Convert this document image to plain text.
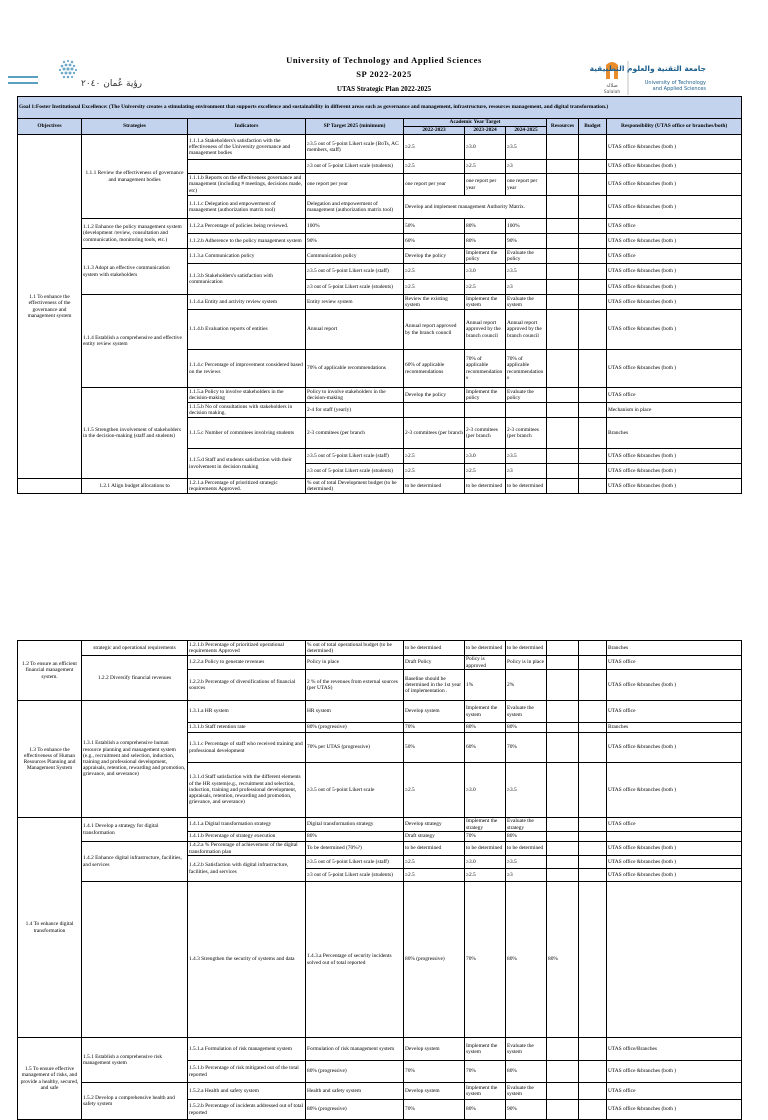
رؤية عُمان ٢٠٤٠	صلالة
Salalah
جامعة التقنية والعلوم التطبيقية
University of Technology
and Applied Sciences
University of Technology and Applied Sciences
SP 2022-2025
UTAS Strategic Plan 2022-2025
Goal 1:Foster Institutional Excellence: (The University creates a stimulating environment that supports excellence and sustainability in different areas such as governance and management, infrastructure, resources management, and digital transformation.)									
Objectives	Strategies	Indicators	SP Target 2025 (minimum)	Academic Year Target			Resources	Budget	Responsibility (UTAS office or branches/both)
				2022-2023	2023-2024	2024-2025			
1.1 To enhance the effectiveness of the governance and management system	1.1.1 Review the effectiveness of governance and management bodies	1.1.1.a Stakeholders's satisfaction with the effectiveness of the University governance and management bodies	≥3.5 out of 5-point Likert scale (BoTs, AC members, staff)	≥2.5	≥3.0	≥3.5			UTAS office &branches (both )
			≥3 out of 5-point Likert scale (students)	≥2.5	≥2.5	≥3			UTAS office &branches (both )
		1.1.1.b Reports on the effectiveness governance and management (including # meetings, decisions made, etc)	one report per year	one report per year	one report per year	one report per year			UTAS office &branches (both )
		1.1.1.c Delegation and empowerment of management (authorization matrix tool)	Delegation and empowerment of management (authorization matrix tool)	Develop and implement management Authority Matrix.					UTAS office &branches (both )
	1.1.2 Enhance the policy management system (development /review, consultation and communication, monitoring tools, etc.)	1.1.2.a Percentage of policies being reviewed.	100%	50%	80%	100%			UTAS office
		1.1.2.b Adherence to the policy management system	90%	60%	80%	90%			UTAS office &branches (both )
	1.1.3 Adopt an effective communication system with stakeholders	1.1.3.a Communication policy	Communication policy	Develop the policy	Implement the policy	Evaluate the policy			UTAS office
		1.1.3.b Stakeholders's satisfaction with communication	≥3.5 out of 5-point Likert scale (staff)	≥2.5	≥3.0	≥3.5			UTAS office &branches (both )
			≥3 out of 5-point Likert scale (students)	≥2.5	≥2.5	≥3			UTAS office &branches (both )
	1.1.4 Establish a comprehensive and effective entity review system	1.1.4.a Entity and activity review system	Entity review system	Review the existing system	Implement the system	Evaluate the system			UTAS office &branches (both )
		1.1.4.b Evaluation reports of entities	Annual report	Annual report approved by the branch council	Annual report approved by the branch council	Annual report approved by the branch council			UTAS office &branches (both )
		1.1.4.c Percentage of improvement considered based on the reviews	70% of applicable recommendations	60% of applicable recommendations	70% of applicable recommendations	70% of applicable recommendations			UTAS office &branches (both )
	1.1.5 Strengthen involvement of stakeholders in the decision-making (staff and students)	1.1.5.a Policy to involve stakeholders in the decision-making	Policy to involve stakeholders in the decision-making	Develop the policy	Implement the policy	Evaluate the policy			UTAS office
		1.1.5.b No of consultations with stakeholders in decision making.	2-4 for staff (yearly)						Mechanism in place
		1.1.5.c Number of commitees involving students	2-3 commitees (per branch	2-3 commitees (per branch	2-3 commitees (per branch	2-3 commitees (per branch			Branches
		1.1.5.d Staff and students satisfaction with their involvement in decision making	≥3.5 out of 5-point Likert scale (staff)	≥2.5	≥3.0	≥3.5			UTAS office &branches (both )
			≥3 out of 5-point Likert scale (students)	≥2.5	≥2.5	≥3			UTAS office &branches (both )
	1.2.1 Align budget allocations to	1.2.1.a Percentage of prioritized strategic requirements Approved.	% out of total Development budget (to be determined)	to be determined	to be determined	to be determined			UTAS office &branches (both )
1.2 To ensure an efficient financial management system.	strategic and operational requirements	1.2.1.b Percentage of prioritized operational requirements Approved	% out of total operational budget (to be determined)	to be determined	to be determined	to be determined			Branches	
	1.2.2 Diversify financial revenues	1.2.2.a Policy to generate revenues	Policy in place	Draft Policy	Policy is approved	Policy is in place			UTAS office	
		1.2.2.b Percentage of diversifications of financial sources	2 % of the revenues from external sources (per UTAS)	Baseline should be determined in the 1st year of implementation .	1%	2%			UTAS office &branches (both )	
1.3 To enhance the effectiveness of Human Resources Planning and Management System	1.3.1 Establish a comprehensive human resource planning and management system (e.g., recruitment and selection, induction, training and professional development, appraisals, retention, rewarding and promotion, grievance, and severance)	1.3.1.a HR system	HR system	Develop system	Implement the system	Evaluate the system			UTAS office	
		1.3.1.b Staff retention rate	80% (progressive)	70%	80%	80%			Branches	
		1.3.1.c Percentage of staff who received training and professional development	70% per UTAS (progressive)	50%	60%	70%			UTAS office &branches (both )	
		1.3.1.d Staff satisfaction with the different elements of the HR system(e.g., recruitment and selection, induction, training and professional development, appraisals, retention, rewarding and promotion, grievance, and severance)	≥3.5 out of 5-point Likert scale	≥2.5	≥3.0	≥3.5			UTAS office &branches (both )	
1.4 To enhance digital transformation	1.4.1 Develop a strategy for digital transformation	1.4.1.a Digital transformation strategy	Digital transformation strategy	Develop strategy	Implement the strategy	Evaluate the strategy			UTAS office	
		1.4.1.b Percentage of strategy execution	80%	Draft strategy	70%	80%				
	1.4.2 Enhance digital infrastructure, facilities, and services	1.4.2.a % Percentage of achievement of the digital transformation plan	To be determined (70%?)	to be determined	to be determined	to be determined			UTAS office &branches (both )	
		1.4.2.b Satisfaction with digital infrastructure, facilities, and services	≥3.5 out of 5-point Likert scale (staff)	≥2.5	≥3.0	≥3.5			UTAS office &branches (both )	
			≥3 out of 5-point Likert scale (students)	≥2.5	≥2.5	≥3			UTAS office &branches (both )	
		1.4.3 Strengthen the security of systems and data	1.4.3.a Percentage of security incidents solved out of total reported	80% (progressive)	70%	80%	80%			
1.5 To ensure effective management of risks, and provide a healthy, secured, and safe	1.5.1 Establish a comprehensive risk management system	1.5.1.a Formulation of risk management system	Formulation of risk management system	Develop system	Implement the system	Evaluate the system			UTAS office/Branches	
		1.5.1.b Percentage of risk mitigated out of the total reported	80% (progressive)	70%	70%	80%			UTAS office &branches (both )	
	1.5.2 Develop a comprehensive health and safety system	1.5.2.a Health and safety system	Health and safety system	Develop system	Implement the system	Evaluate the system			UTAS office	
		1.5.2.b Percentage of incidents addressed out of total reported	80% (progressive)	70%	80%	90%			UTAS office &branches (both )	
